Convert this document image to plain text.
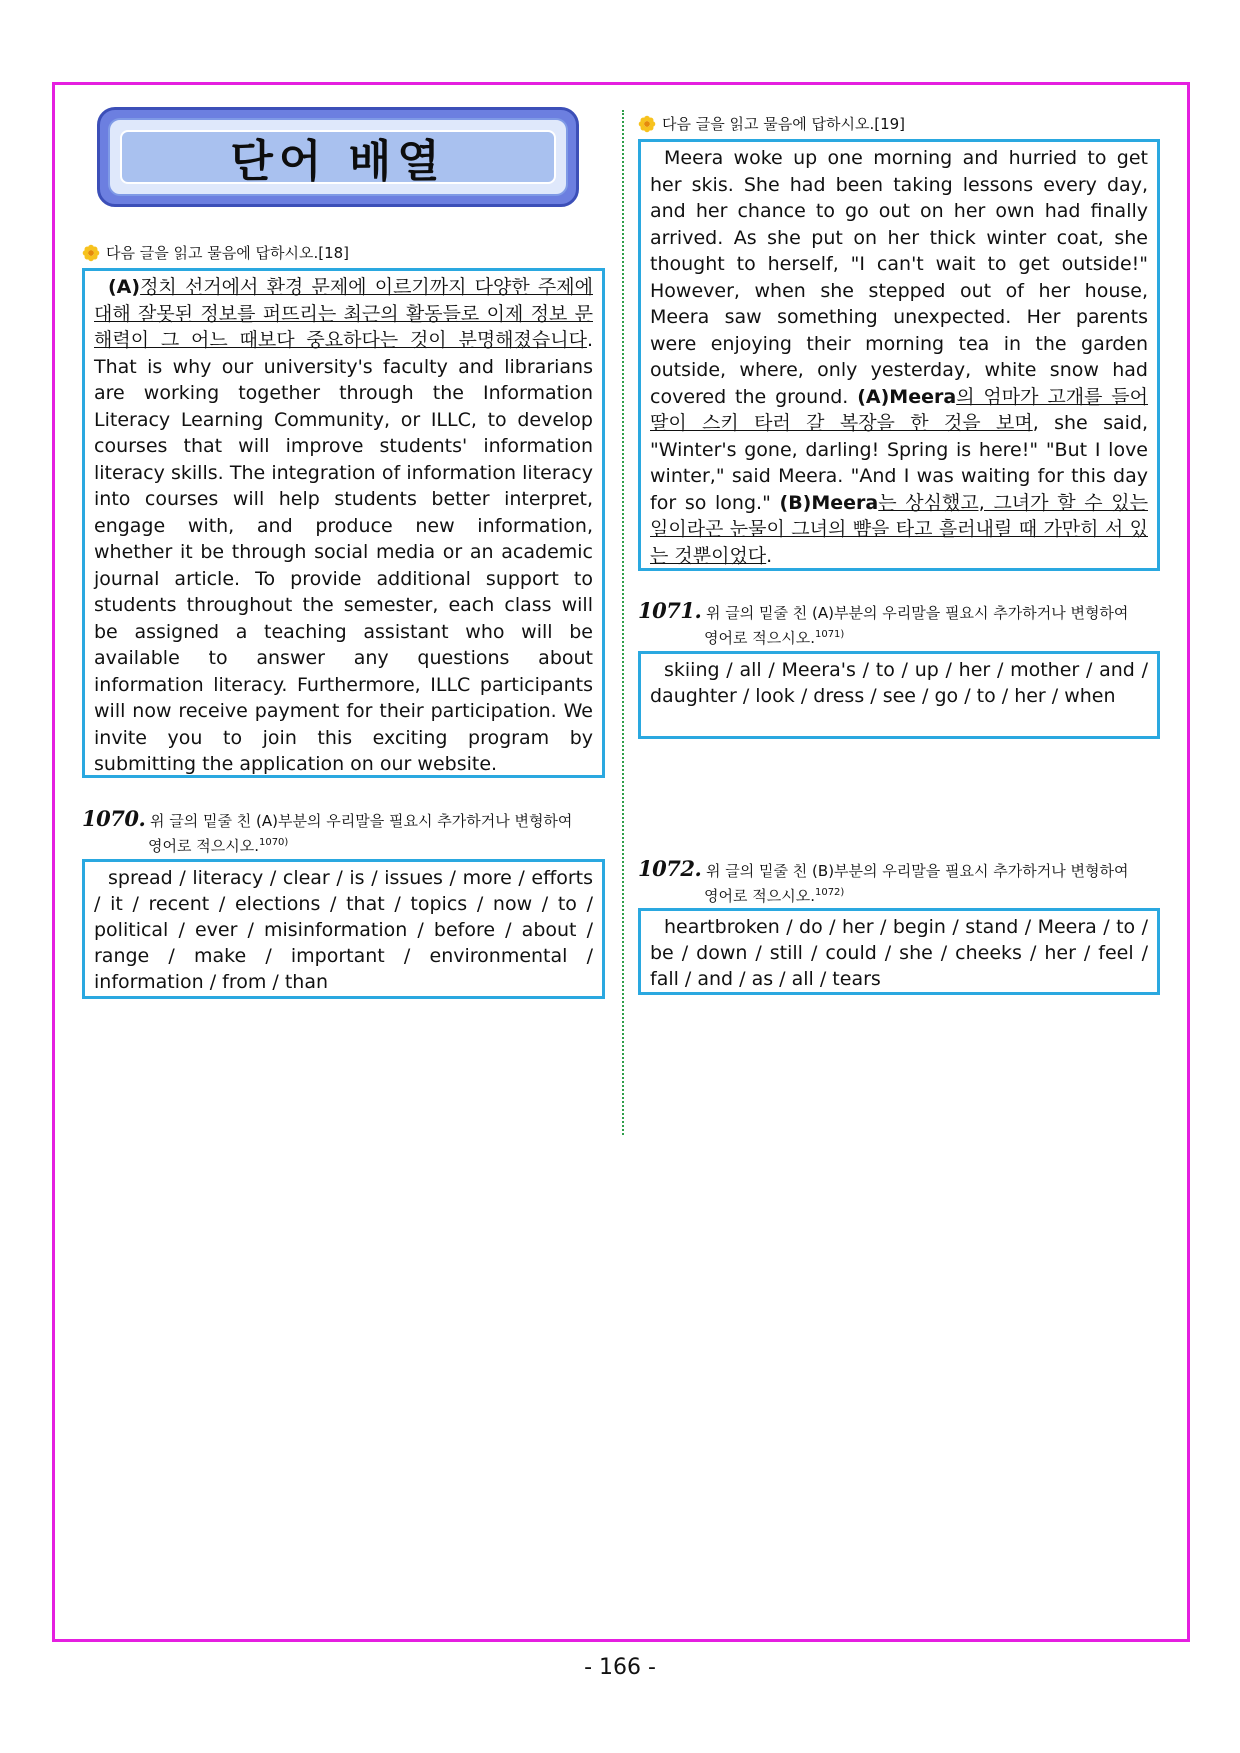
단어 배열
다음 글을 읽고 물음에 답하시오.[18]

(A)정치 선거에서 환경 문제에 이르기까지 다양한 주제에 대해 잘못된 정보를 퍼뜨리는 최근의 활동들로 이제 정보 문해력이 그 어느 때보다 중요하다는 것이 분명해졌습니다. That is why our university's faculty and librarians are working together through the Information Literacy Learning Community, or ILLC, to develop courses that will improve students' information literacy skills. The integration of information literacy into courses will help students better interpret, engage with, and produce new information, whether it be through social media or an academic journal article. To provide additional support to students throughout the semester, each class will be assigned a teaching assistant who will be available to answer any questions about information literacy. Furthermore, ILLC participants will now receive payment for their participation. We invite you to join this exciting program by submitting the application on our website.

1070. 위 글의 밑줄 친 (A)부분의 우리말을 필요시 추가하거나 변형하여
영어로 적으시오.$^{1070)}$
spread / literacy / clear / is / issues / more / efforts / it / recent / elections / that / topics / now / to / political / ever / misinformation / before / about / range / make / important / environmental / information / from / than
다음 글을 읽고 물음에 답하시오.[19]

Meera woke up one morning and hurried to get her skis. She had been taking lessons every day, and her chance to go out on her own had finally arrived. As she put on her thick winter coat, she thought to herself, "I can't wait to get outside!" However, when she stepped out of her house, Meera saw something unexpected. Her parents were enjoying their morning tea in the garden outside, where, only yesterday, white snow had covered the ground. (A)Meera의 엄마가 고개를 들어 딸이 스키 타러 갈 복장을 한 것을 보며, she said, "Winter's gone, darling! Spring is here!" "But I love winter," said Meera. "And I was waiting for this day for so long." (B)Meera는 상심했고, 그녀가 할 수 있는 일이라곤 눈물이 그녀의 뺨을 타고 흘러내릴 때 가만히 서 있는 것뿐이었다.

1071. 위 글의 밑줄 친 (A)부분의 우리말을 필요시 추가하거나 변형하여
영어로 적으시오.$^{1071)}$
skiing / all / Meera's / to / up / her / mother / and / daughter / look / dress / see / go / to / her / when
1072. 위 글의 밑줄 친 (B)부분의 우리말을 필요시 추가하거나 변형하여
영어로 적으시오.$^{1072)}$
heartbroken / do / her / begin / stand / Meera / to / be / down / still / could / she / cheeks / her / feel / fall / and / as / all / tears
- 166 -
